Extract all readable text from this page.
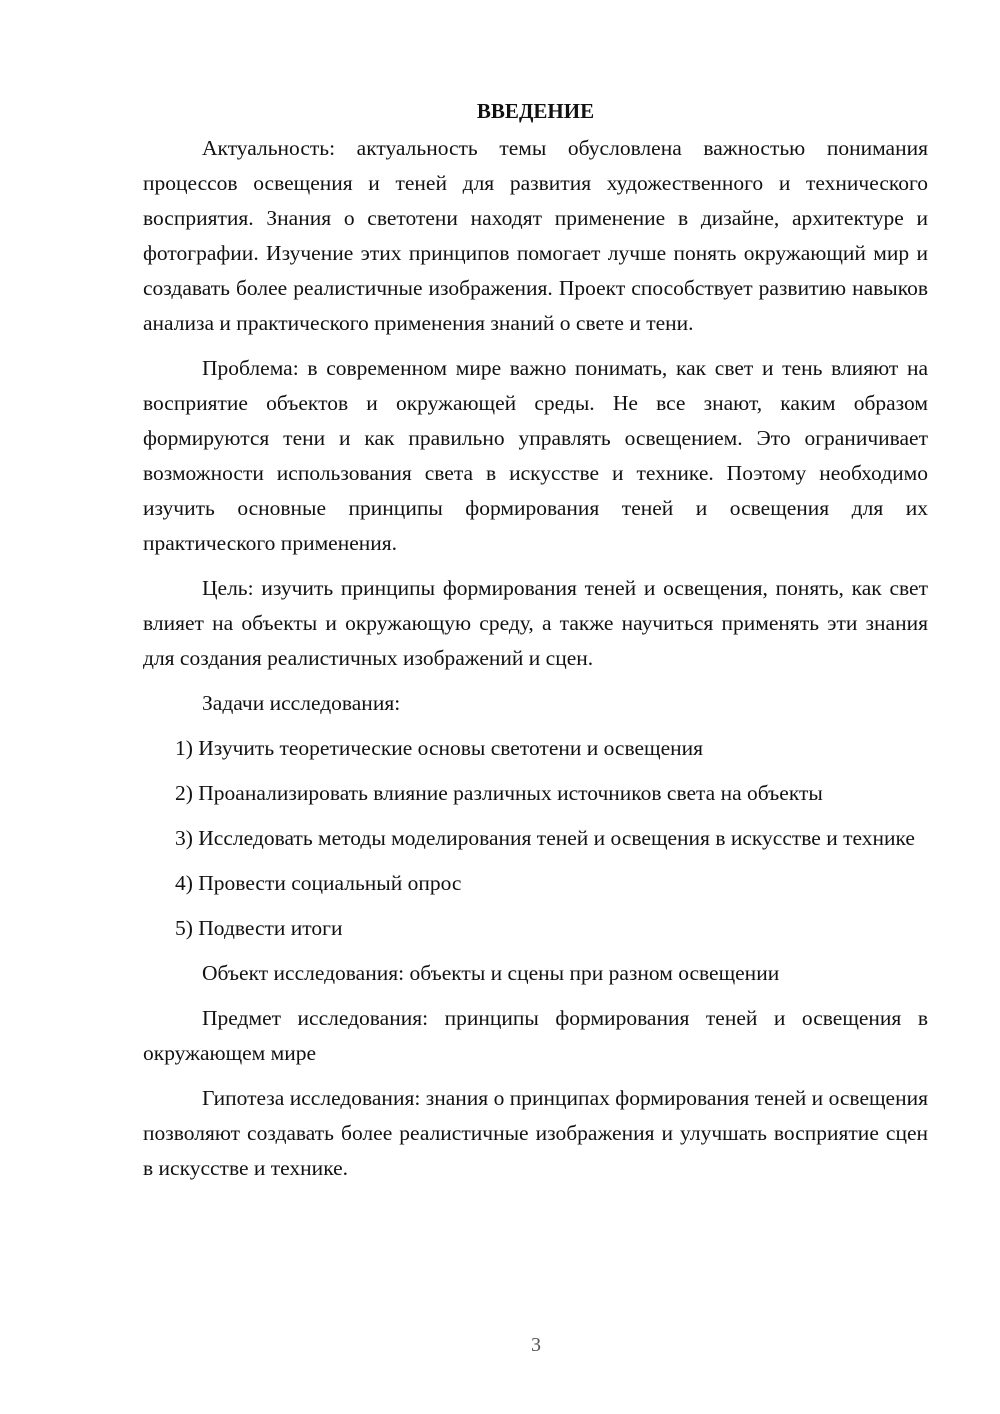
ВВЕДЕНИЕ

Актуальность: актуальность темы обусловлена важностью понимания процессов освещения и теней для развития художественного и технического восприятия. Знания о светотени находят применение в дизайне, архитектуре и фотографии. Изучение этих принципов помогает лучше понять окружающий мир и создавать более реалистичные изображения. Проект способствует развитию навыков анализа и практического применения знаний о свете и тени.

Проблема: в современном мире важно понимать, как свет и тень влияют на восприятие объектов и окружающей среды. Не все знают, каким образом формируются тени и как правильно управлять освещением. Это ограничивает возможности использования света в искусстве и технике. Поэтому необходимо изучить основные принципы формирования теней и освещения для их практического применения.

Цель: изучить принципы формирования теней и освещения, понять, как свет влияет на объекты и окружающую среду, а также научиться применять эти знания для создания реалистичных изображений и сцен.

Задачи исследования:

1) Изучить теоретические основы светотени и освещения

2) Проанализировать влияние различных источников света на объекты

3) Исследовать методы моделирования теней и освещения в искусстве и технике

4) Провести социальный опрос

5) Подвести итоги

Объект исследования: объекты и сцены при разном освещении

Предмет исследования: принципы формирования теней и освещения в окружающем мире

Гипотеза исследования: знания о принципах формирования теней и освещения позволяют создавать более реалистичные изображения и улучшать восприятие сцен в искусстве и технике.

3
